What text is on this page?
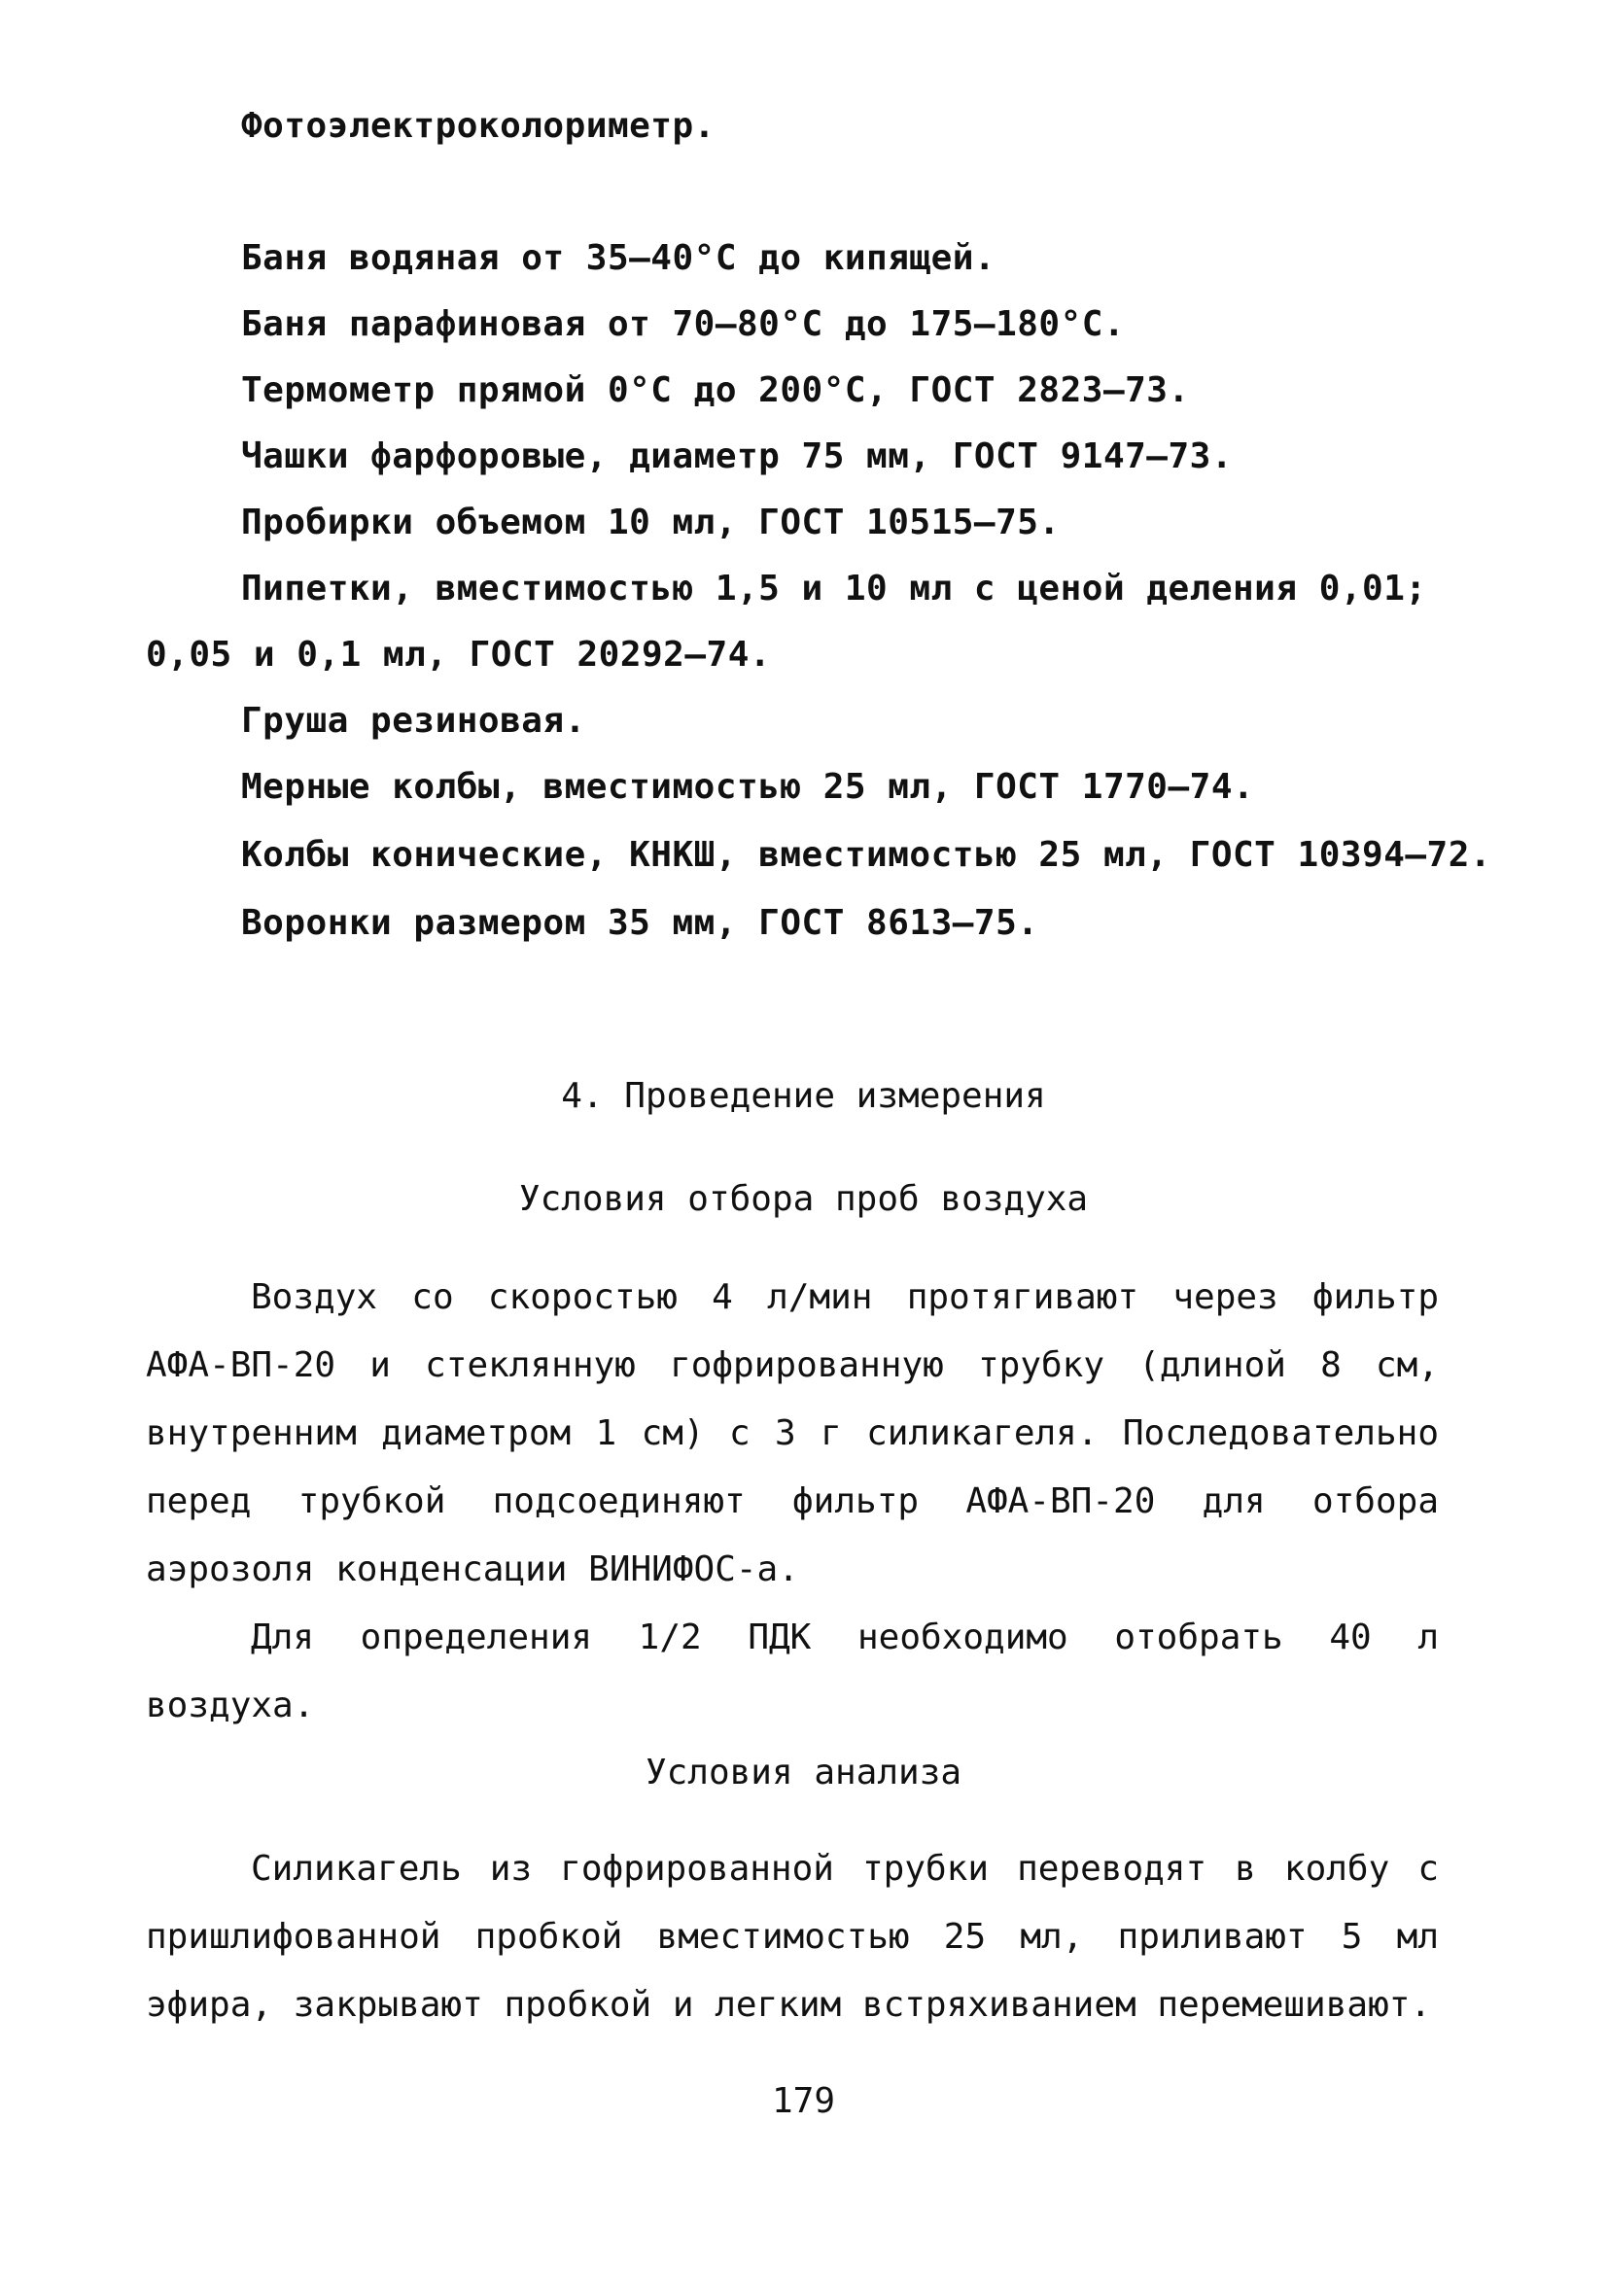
Фотоэлектроколориметр.
Баня водяная от 35–40°С до кипящей.
Баня парафиновая от 70–80°С до 175–180°С.
Термометр прямой 0°С до 200°С, ГОСТ 2823–73.
Чашки фарфоровые, диаметр 75 мм, ГОСТ 9147–73.
Пробирки объемом 10 мл, ГОСТ 10515–75.
Пипетки, вместимостью 1,5 и 10 мл с ценой деления 0,01;
0,05 и 0,1 мл, ГОСТ 20292–74.
Груша резиновая.
Мерные колбы, вместимостью 25 мл, ГОСТ 1770–74.
Колбы конические, КНКШ, вместимостью 25 мл, ГОСТ 10394–72.
Воронки размером 35 мм, ГОСТ 8613–75.
4. Проведение измерения
Условия отбора проб воздуха

Воздух со скоростью 4 л/мин протягивают через фильтр АФА-ВП-20 и стеклянную гофрированную трубку (длиной 8 см, внутренним диаметром 1 см) с 3 г силикагеля. Последовательно перед трубкой подсоединяют фильтр АФА-ВП-20 для отбора аэрозоля конденсации ВИНИФОС-а.

Для определения 1/2 ПДК необходимо отобрать 40 л воздуха.

Условия анализа

Силикагель из гофрированной трубки переводят в колбу с пришлифованной пробкой вместимостью 25 мл, приливают 5 мл эфира, закрывают пробкой и легким встряхиванием перемешивают.

179
